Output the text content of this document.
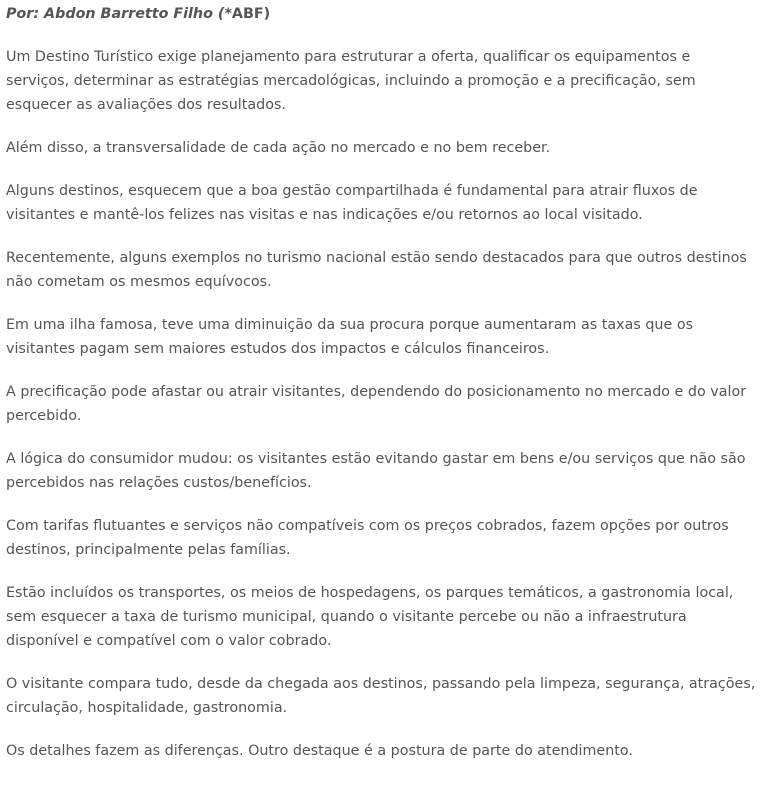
Por: Abdon Barretto Filho (*ABF)

Um Destino Turístico exige planejamento para estruturar a oferta, qualificar os equipamentos e serviços, determinar as estratégias mercadológicas, incluindo a promoção e a precificação, sem esquecer as avaliações dos resultados.

Além disso, a transversalidade de cada ação no mercado e no bem receber.

Alguns destinos, esquecem que a boa gestão compartilhada é fundamental para atrair fluxos de visitantes e mantê-los felizes nas visitas e nas indicações e/ou retornos ao local visitado.

Recentemente, alguns exemplos no turismo nacional estão sendo destacados para que outros destinos não cometam os mesmos equívocos.

Em uma ilha famosa, teve uma diminuição da sua procura porque aumentaram as taxas que os visitantes pagam sem maiores estudos dos impactos e cálculos financeiros.

A precificação pode afastar ou atrair visitantes, dependendo do posicionamento no mercado e do valor percebido.

A lógica do consumidor mudou: os visitantes estão evitando gastar em bens e/ou serviços que não são percebidos nas relações custos/benefícios.

Com tarifas flutuantes e serviços não compatíveis com os preços cobrados, fazem opções por outros destinos, principalmente pelas famílias.

Estão incluídos os transportes, os meios de hospedagens, os parques temáticos, a gastronomia local, sem esquecer a taxa de turismo municipal, quando o visitante percebe ou não a infraestrutura disponível e compatível com o valor cobrado.

O visitante compara tudo, desde da chegada aos destinos, passando pela limpeza, segurança, atrações, circulação, hospitalidade, gastronomia.

Os detalhes fazem as diferenças. Outro destaque é a postura de parte do atendimento.
